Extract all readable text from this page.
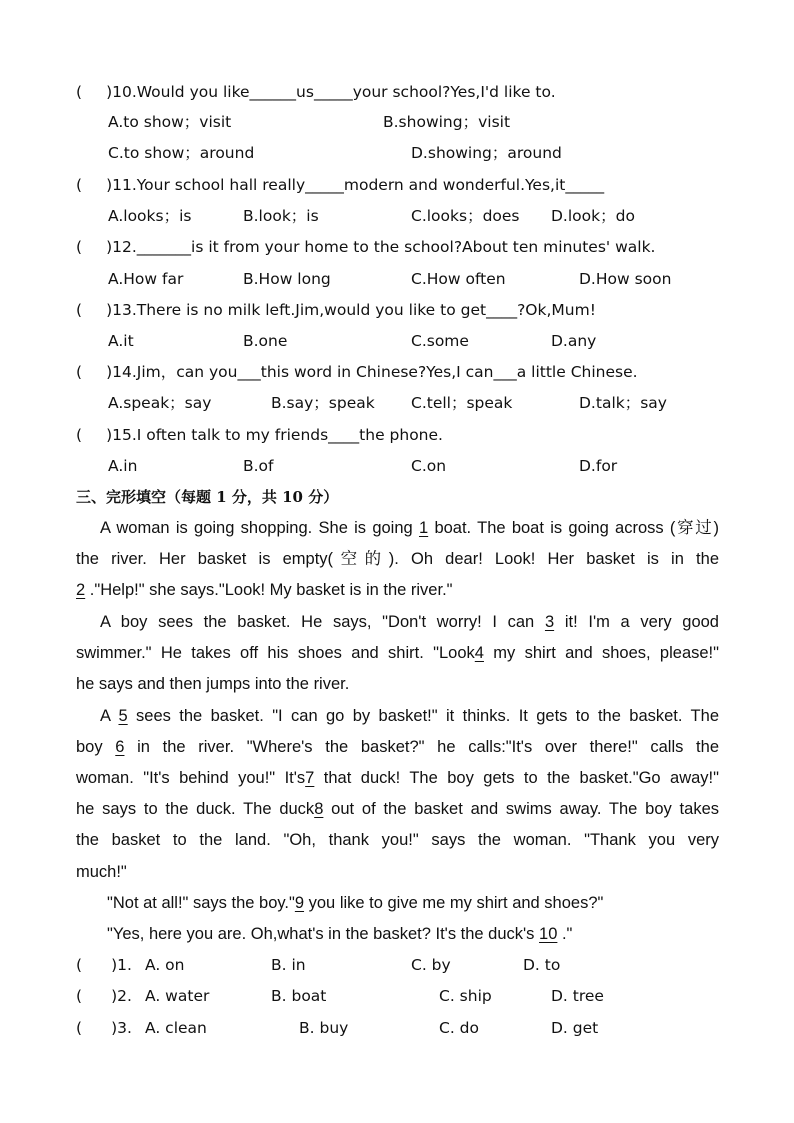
( )10.Would you like______us_____your school?Yes,I'd like to.
A.to show；visit	B.showing；visit
C.to show；around	D.showing；around
( )11.Your school hall really_____modern and wonderful.Yes,it_____
A.looks；is	B.look；is	C.looks；does D.look；do
( )12._______is it from your home to the school?About ten minutes' walk.
A.How far	B.How long	C.How often	D.How soon
( )13.There is no milk left.Jim,would you like to get____?Ok,Mum!
A.it	B.one	C.some	D.any
( )14.Jim，can you___this word in Chinese?Yes,I can___a little Chinese.
A.speak；say	B.say；speak C.tell；speak	D.talk；say
( )15.I often talk to my friends____the phone.
A.in	B.of	C.on	D.for
三、完形填空（每题 1 分，共 10 分）
A woman is going shopping. She is going 1 boat. The boat is going across (穿过)
the river. Her basket is empty(空的). Oh dear! Look! Her basket is in the
2 ."Help!" she says."Look! My basket is in the river."
A boy sees the basket. He says, "Don't worry! I can 3 it! I'm a very good
swimmer." He takes off his shoes and shirt. "Look4 my shirt and shoes, please!"
he says and then jumps into the river.
A 5 sees the basket. "I can go by basket!" it thinks. It gets to the basket. The
boy 6 in the river. "Where's the basket?" he calls:"It's over there!" calls the
woman. "It's behind you!" It's7 that duck! The boy gets to the basket."Go away!"
he says to the duck. The duck8 out of the basket and swims away. The boy takes
the basket to the land. "Oh, thank you!" says the woman. "Thank you very
much!"
"Not at all!" says the boy."9 you like to give me my shirt and shoes?"
"Yes, here you are. Oh,what's in the basket? It's the duck's 10 ."
( )1. A. on	B. in	C. by	D. to
( )2. A. water	B. boat	C. ship	D. tree
( )3. A. clean	B. buy	C. do	D. get
